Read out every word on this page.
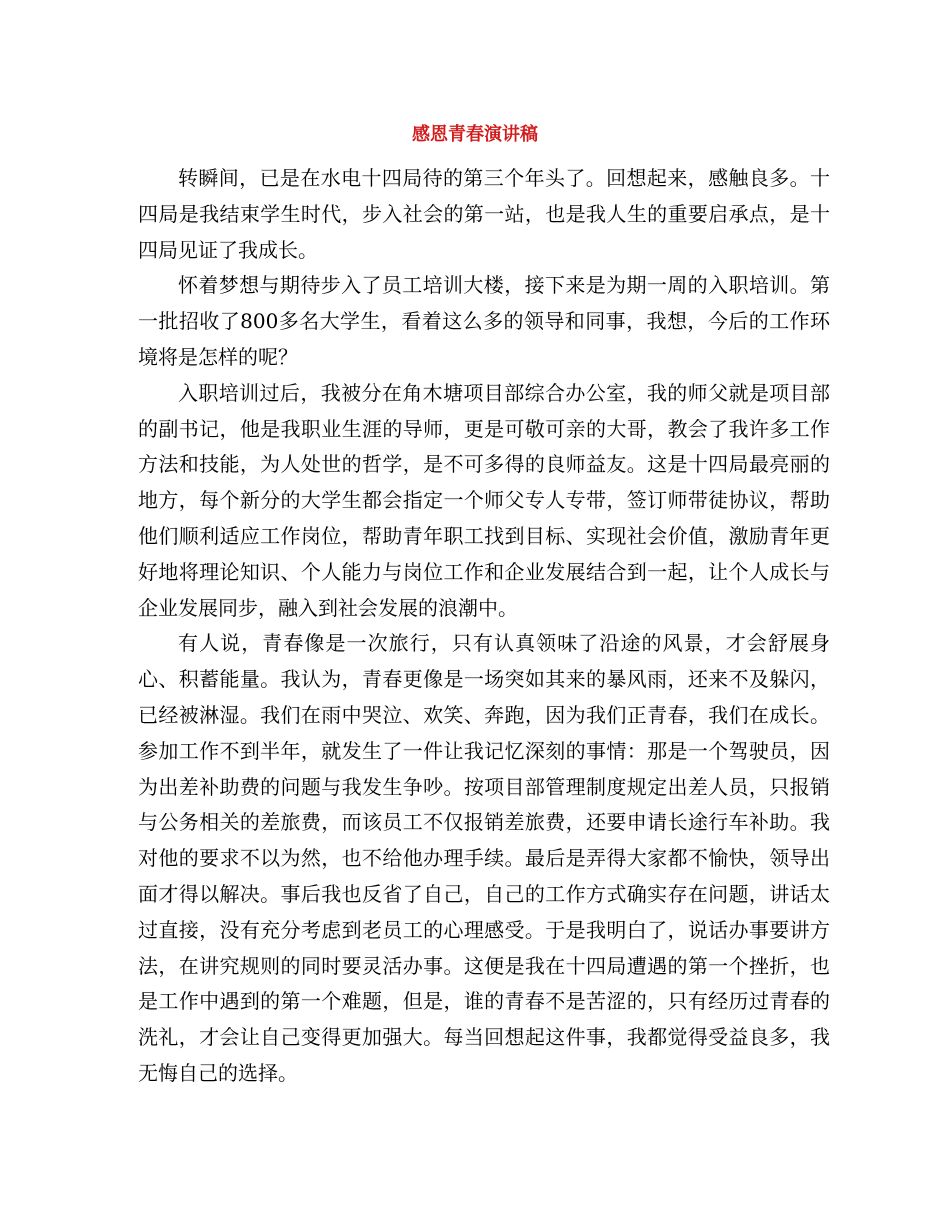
感恩青春演讲稿

转瞬间，已是在水电十四局待的第三个年头了。回想起来，感触良多。十四局是我结束学生时代，步入社会的第一站，也是我人生的重要启承点，是十四局见证了我成长。

怀着梦想与期待步入了员工培训大楼，接下来是为期一周的入职培训。第一批招收了800多名大学生，看着这么多的领导和同事，我想，今后的工作环境将是怎样的呢？

入职培训过后，我被分在角木塘项目部综合办公室，我的师父就是项目部的副书记，他是我职业生涯的导师，更是可敬可亲的大哥，教会了我许多工作方法和技能，为人处世的哲学，是不可多得的良师益友。这是十四局最亮丽的地方，每个新分的大学生都会指定一个师父专人专带，签订师带徒协议，帮助他们顺利适应工作岗位，帮助青年职工找到目标、实现社会价值，激励青年更好地将理论知识、个人能力与岗位工作和企业发展结合到一起，让个人成长与企业发展同步，融入到社会发展的浪潮中。

有人说，青春像是一次旅行，只有认真领味了沿途的风景，才会舒展身心、积蓄能量。我认为，青春更像是一场突如其来的暴风雨，还来不及躲闪，已经被淋湿。我们在雨中哭泣、欢笑、奔跑，因为我们正青春，我们在成长。参加工作不到半年，就发生了一件让我记忆深刻的事情：那是一个驾驶员，因为出差补助费的问题与我发生争吵。按项目部管理制度规定出差人员，只报销与公务相关的差旅费，而该员工不仅报销差旅费，还要申请长途行车补助。我对他的要求不以为然，也不给他办理手续。最后是弄得大家都不愉快，领导出面才得以解决。事后我也反省了自己，自己的工作方式确实存在问题，讲话太过直接，没有充分考虑到老员工的心理感受。于是我明白了，说话办事要讲方法，在讲究规则的同时要灵活办事。这便是我在十四局遭遇的第一个挫折，也是工作中遇到的第一个难题，但是，谁的青春不是苦涩的，只有经历过青春的洗礼，才会让自己变得更加强大。每当回想起这件事，我都觉得受益良多，我无悔自己的选择。
